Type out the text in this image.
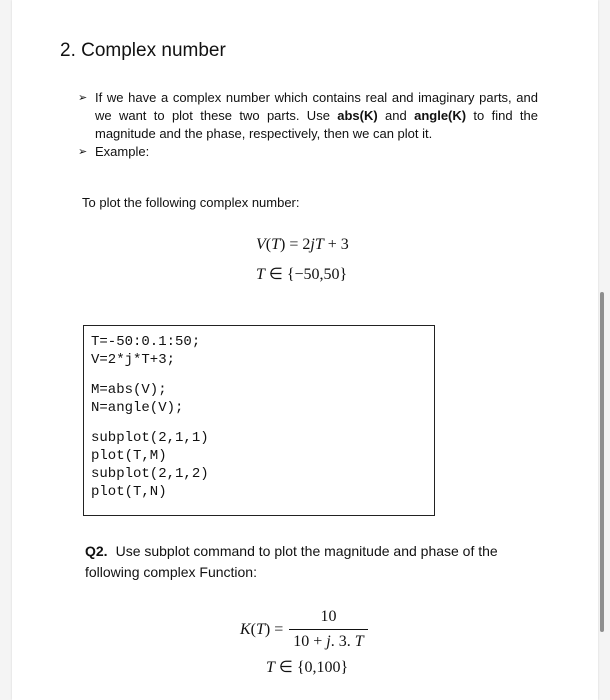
2. Complex number
➢ If we have a complex number which contains real and imaginary parts, and we want to plot these two parts. Use abs(K) and angle(K) to find the magnitude and the phase, respectively, then we can plot it.
➢ Example:

To plot the following complex number:

V(T) = 2jT + 3
T ∈ {−50,50}
T=-50:0.1:50;
V=2*j*T+3;
M=abs(V);
N=angle(V);
subplot(2,1,1)
plot(T,M)
subplot(2,1,2)
plot(T,N)
Q2. Use subplot command to plot the magnitude and phase of the following complex Function:
$K(T) = \frac{10}{10 + j. 3. T}$
T ∈ {0,100}
